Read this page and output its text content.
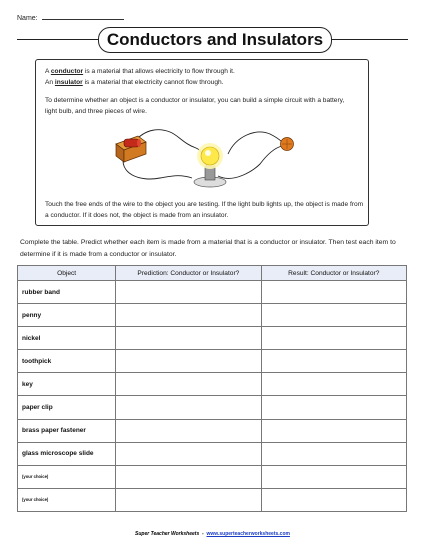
Name:
Conductors and Insulators
A conductor is a material that allows electricity to flow through it.
An insulator is a material that electricity cannot flow through.
To determine whether an object is a conductor or insulator, you can build a simple circuit with a battery, light bulb, and three pieces of wire.
Touch the free ends of the wire to the object you are testing. If the light bulb lights up, the object is made from a conductor. If it does not, the object is made from an insulator.
Complete the table. Predict whether each item is made from a material that is a conductor or insulator. Then test each item to determine if it is made from a conductor or insulator.
Object	Prediction: Conductor or Insulator?	Result: Conductor or Insulator?
rubber band		
penny		
nickel		
toothpick		
key		
paper clip		
brass paper fastener		
glass microscope slide		
(your choice)		
(your choice)		
Super Teacher Worksheets  -  www.superteacherworksheets.com
